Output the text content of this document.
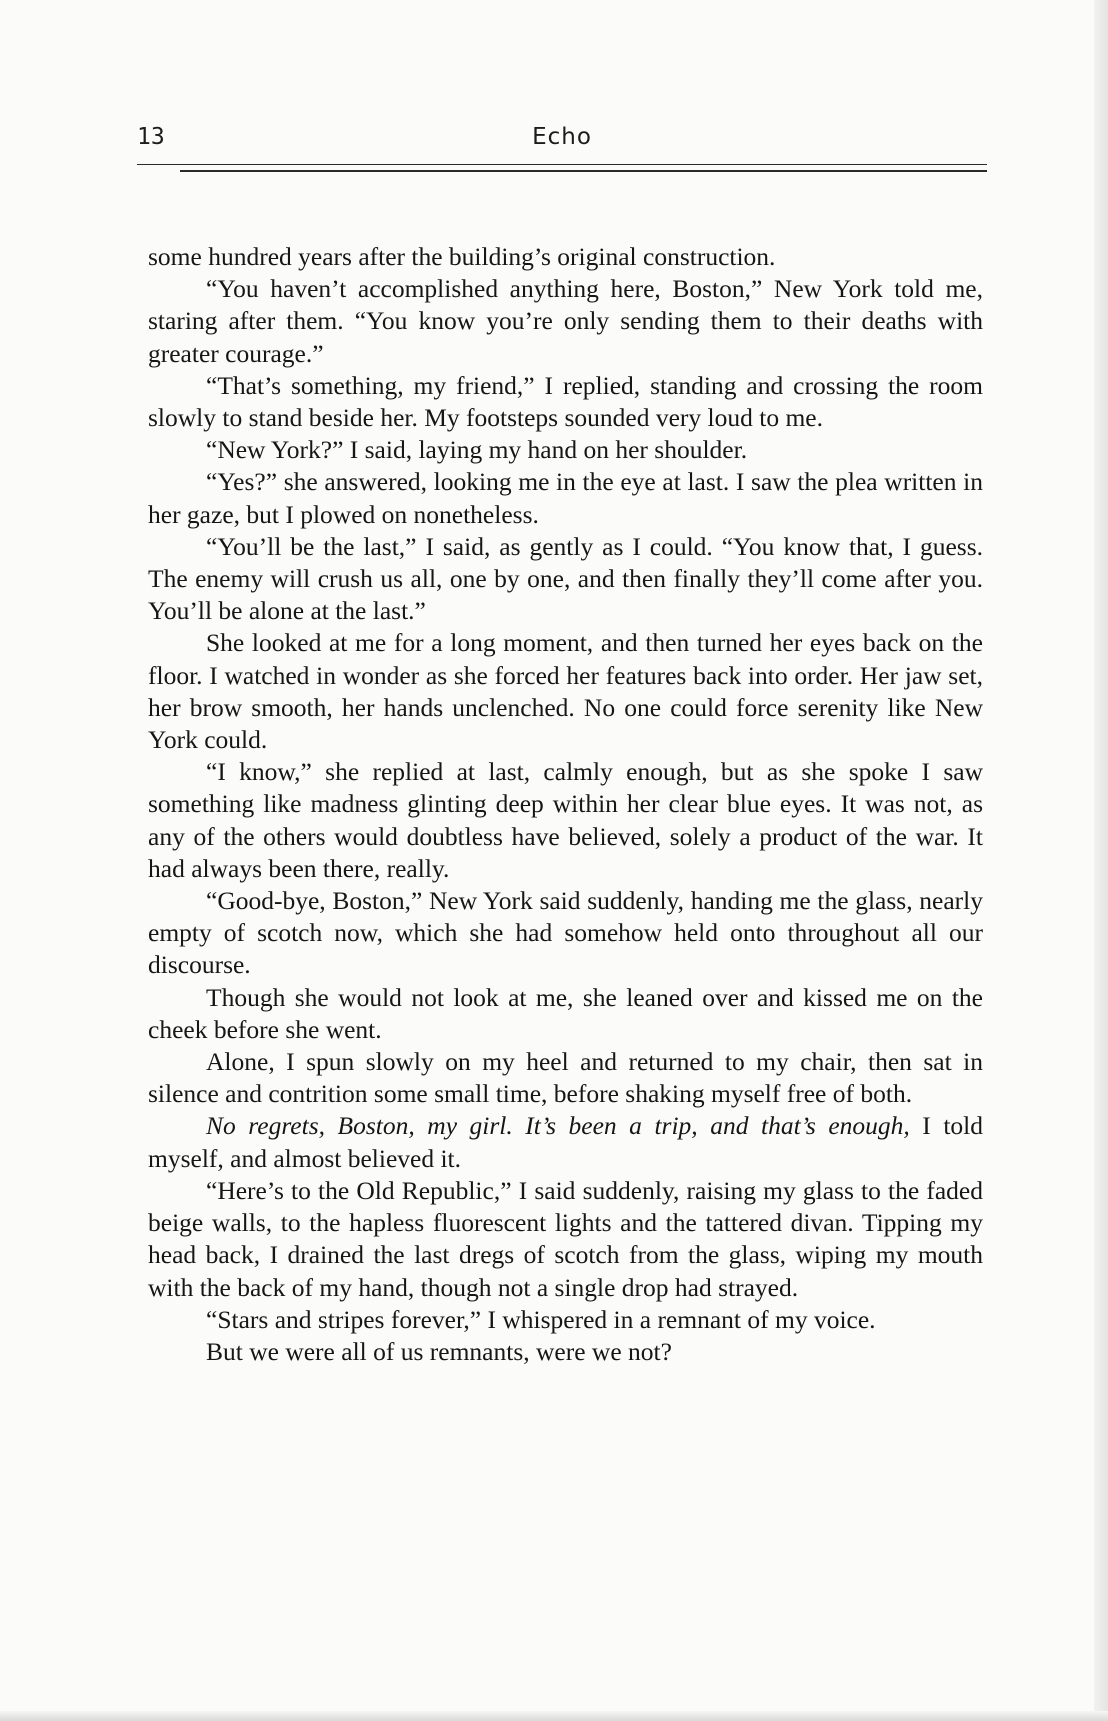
13	Echo

some hundred years after the building’s original construction.

“You haven’t accomplished anything here, Boston,” New York told me, staring after them. “You know you’re only sending them to their deaths with greater courage.”

“That’s something, my friend,” I replied, standing and crossing the room slowly to stand beside her. My footsteps sounded very loud to me.

“New York?” I said, laying my hand on her shoulder.

“Yes?” she answered, looking me in the eye at last. I saw the plea written in her gaze, but I plowed on nonetheless.

“You’ll be the last,” I said, as gently as I could. “You know that, I guess. The enemy will crush us all, one by one, and then finally they’ll come after you. You’ll be alone at the last.”

She looked at me for a long moment, and then turned her eyes back on the floor. I watched in wonder as she forced her features back into order. Her jaw set, her brow smooth, her hands unclenched. No one could force serenity like New York could.

“I know,” she replied at last, calmly enough, but as she spoke I saw something like madness glinting deep within her clear blue eyes. It was not, as any of the others would doubtless have believed, solely a product of the war. It had always been there, really.

“Good-bye, Boston,” New York said suddenly, handing me the glass, nearly empty of scotch now, which she had somehow held onto throughout all our discourse.

Though she would not look at me, she leaned over and kissed me on the cheek before she went.

Alone, I spun slowly on my heel and returned to my chair, then sat in silence and contrition some small time, before shaking myself free of both.

No regrets, Boston, my girl. It’s been a trip, and that’s enough, I told myself, and almost believed it.

“Here’s to the Old Republic,” I said suddenly, raising my glass to the faded beige walls, to the hapless fluorescent lights and the tattered divan. Tipping my head back, I drained the last dregs of scotch from the glass, wiping my mouth with the back of my hand, though not a single drop had strayed.

“Stars and stripes forever,” I whispered in a remnant of my voice.

But we were all of us remnants, were we not?
